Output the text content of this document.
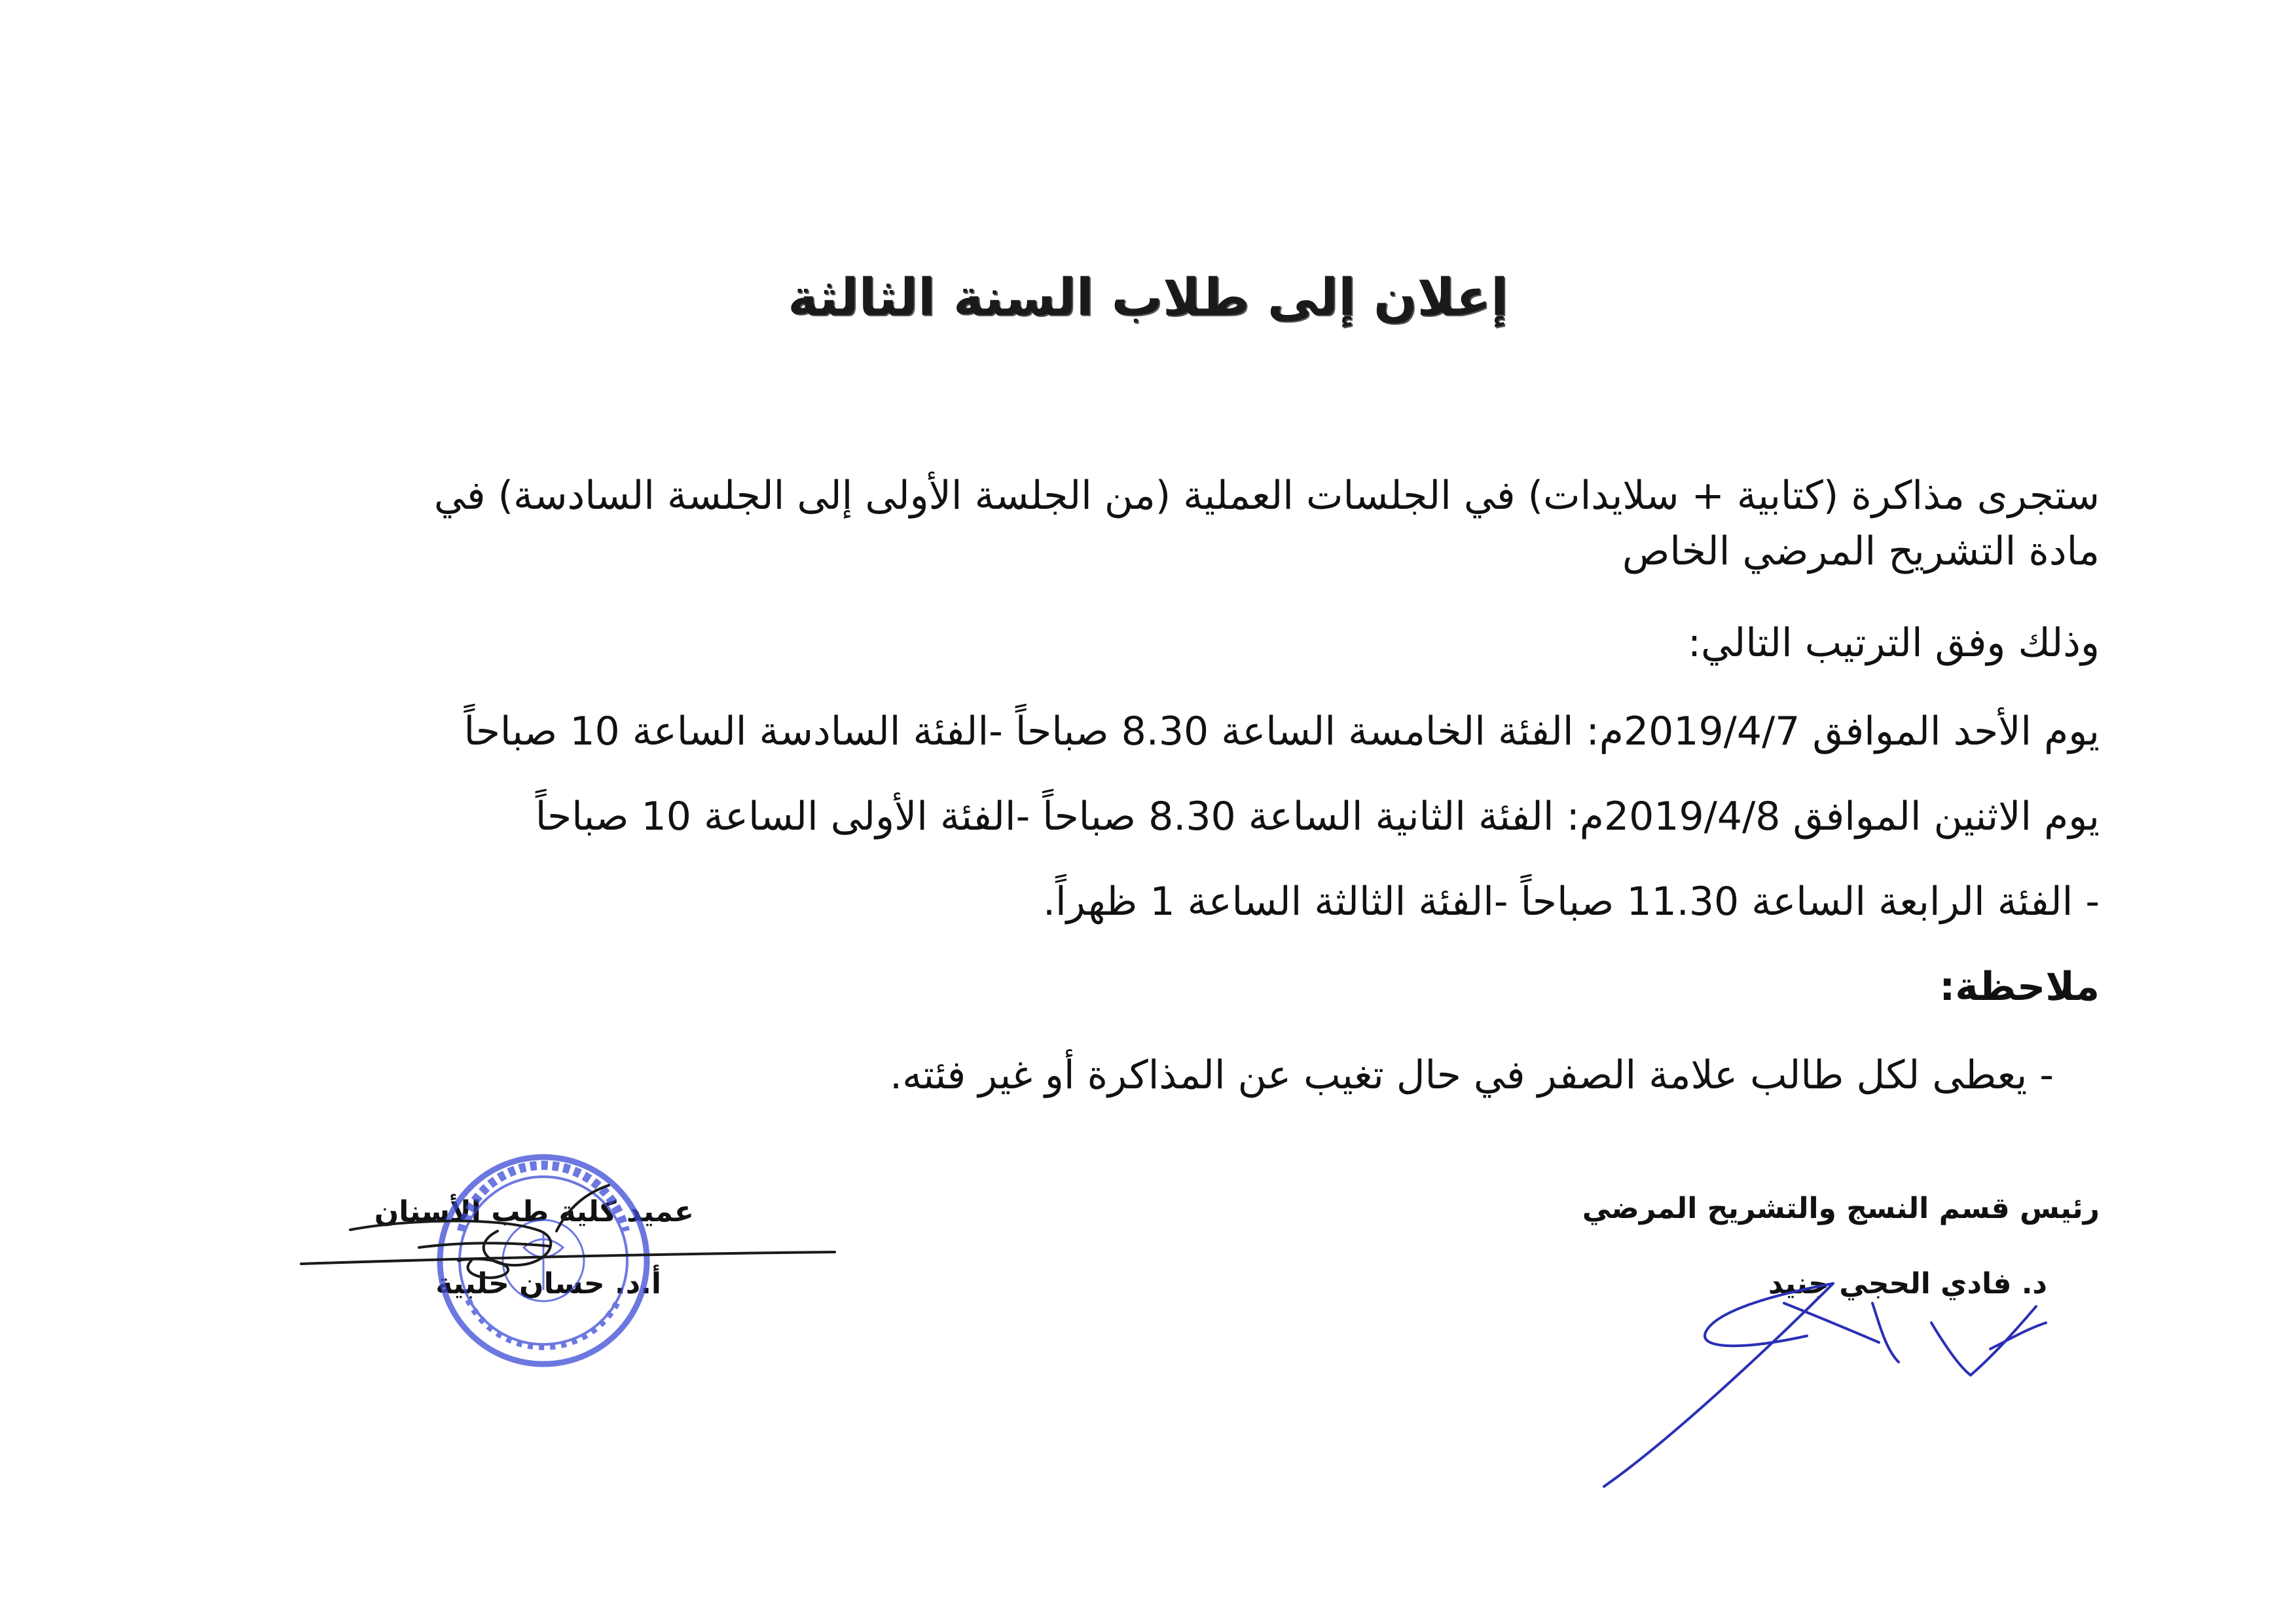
إعلان إلى طلاب السنة الثالثة
ستجرى مذاكرة (كتابية + سلايدات) في الجلسات العملية (من الجلسة الأولى إلى الجلسة السادسة) في مادة التشريح المرضي الخاص
وذلك وفق الترتيب التالي:
يوم الأحد الموافق 2019/4/7م: الفئة الخامسة الساعة 8.30 صباحاً -الفئة السادسة الساعة 10 صباحاً
يوم الاثنين الموافق 2019/4/8م: الفئة الثانية الساعة 8.30 صباحاً -الفئة الأولى الساعة 10 صباحاً
- الفئة الرابعة الساعة 11.30 صباحاً -الفئة الثالثة الساعة 1 ظهراً.
ملاحظة:
- يعطى لكل طالب علامة الصفر في حال تغيب عن المذاكرة أو غير فئته.
رئيس قسم النسج والتشريح المرضي
د. فادي الحجي جنيد
عميد كلية طب الأسنان
أ.د. حسان حلبية
